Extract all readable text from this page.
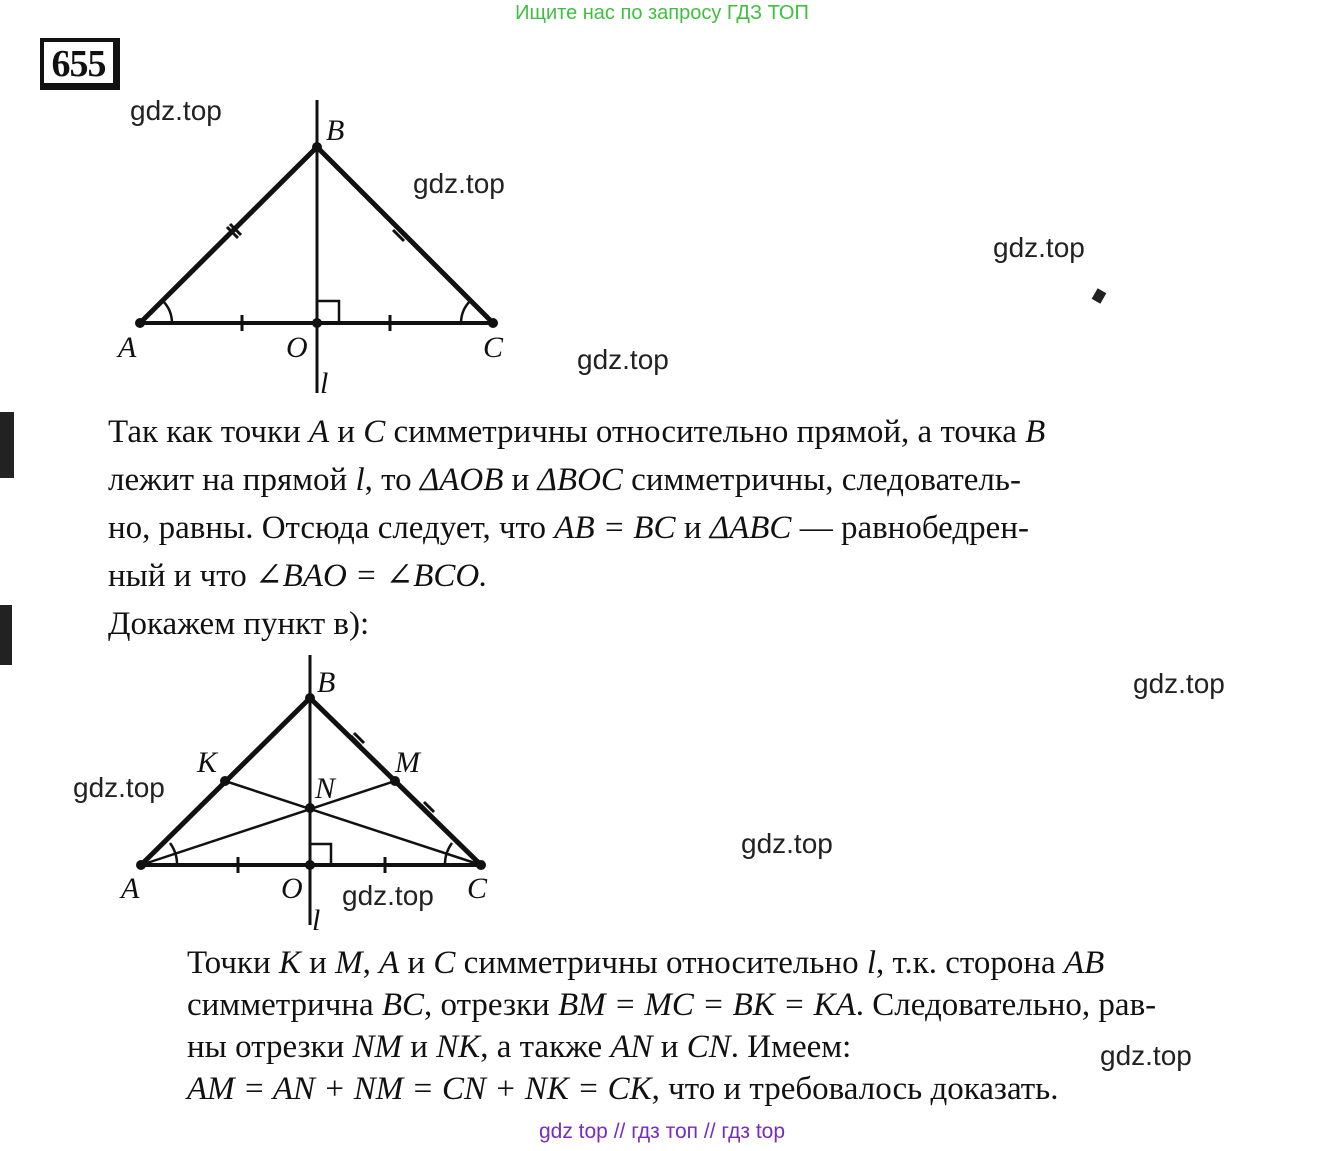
Ищите нас по запросу ГДЗ ТОП
655
gdz.top
gdz.top
gdz.top
gdz.top
gdz.top
gdz.top
gdz.top
gdz.top
gdz.top
B
A	O	C
l
Так как точки A и C симметричны относительно прямой, а точка B
лежит на прямой l, то ΔAOB и ΔBOC симметричны, следователь-
но, равны. Отсюда следует, что AB = BC и ΔABC — равнобедрен-
ный и что ∠BAO = ∠BCO.
Докажем пункт в):
B
K	M
N
A	O	C
l
Точки K и M, A и C симметричны относительно l, т.к. сторона AB
симметрична BC, отрезки BM = MC = BK = KA. Следовательно, рав-
ны отрезки NM и NK, а также AN и CN. Имеем:
AM = AN + NM = CN + NK = CK, что и требовалось доказать.
gdz top // гдз топ // гдз top
